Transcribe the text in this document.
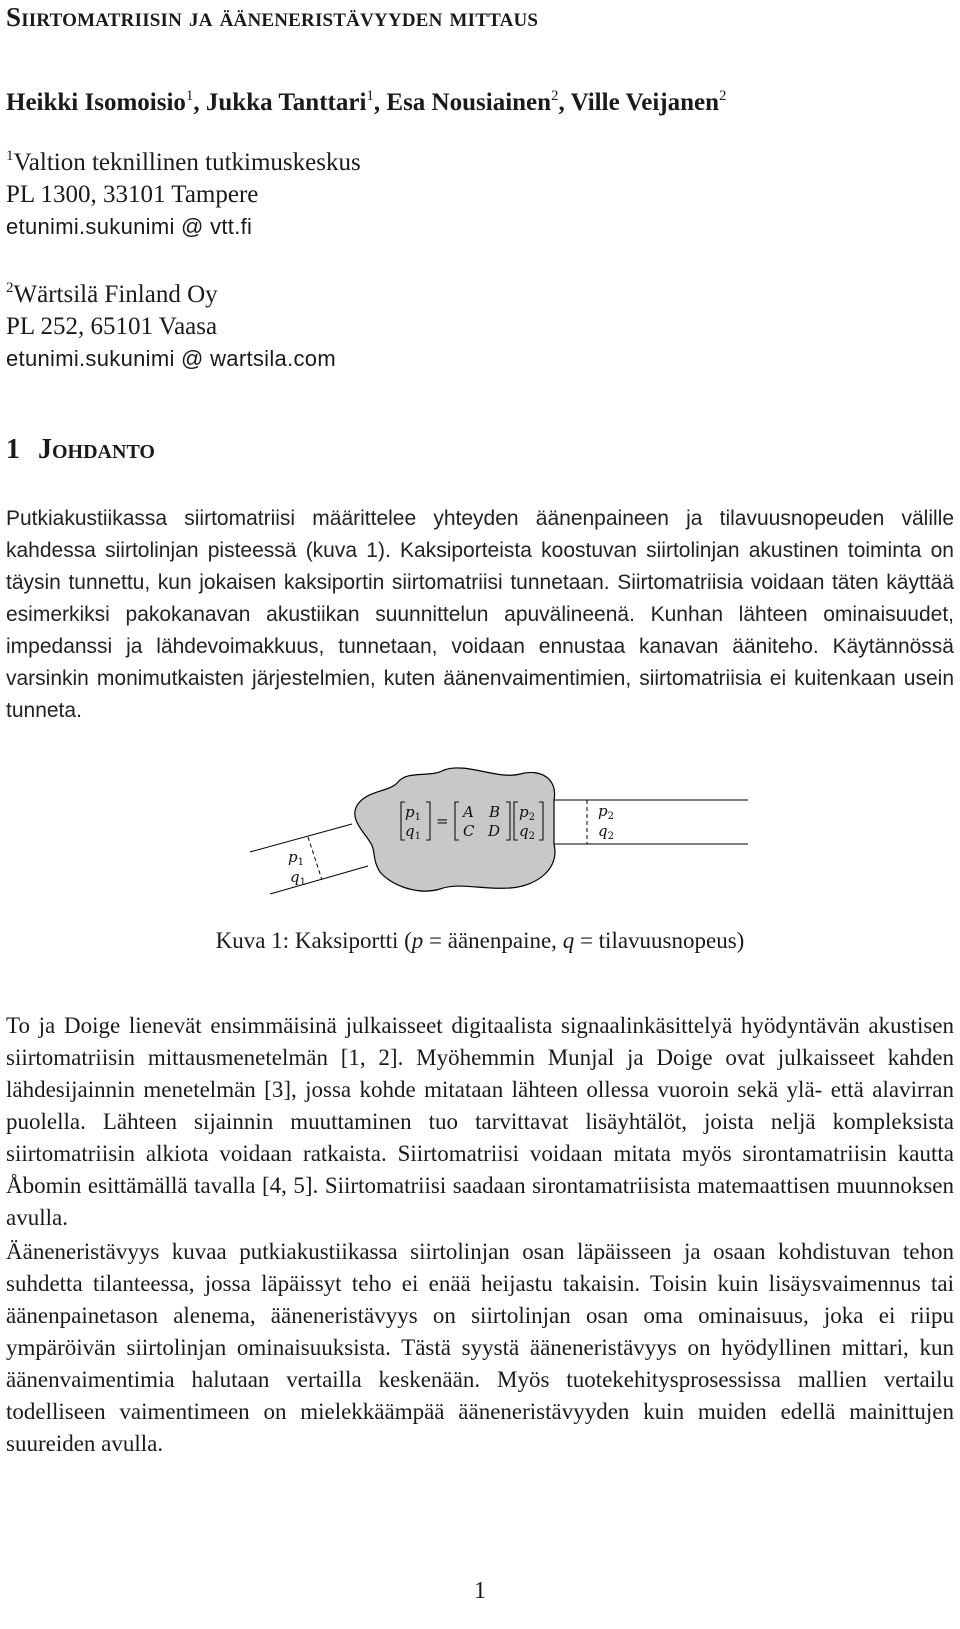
Siirtomatriisin ja ääneneristävyyden mittaus
Heikki Isomoisio$^1$, Jukka Tanttari$^1$, Esa Nousiainen$^2$, Ville Veijanen$^2$
$^1$Valtion teknillinen tutkimuskeskus
PL 1300, 33101 Tampere
etunimi.sukunimi @ vtt.fi
$^2$Wärtsilä Finland Oy
PL 252, 65101 Vaasa
etunimi.sukunimi @ wartsila.com
1 Johdanto

Putkiakustiikassa siirtomatriisi määrittelee yhteyden äänenpaineen ja tilavuusnopeuden välille kahdessa siirtolinjan pisteessä (kuva 1). Kaksiporteista koostuvan siirtolinjan akustinen toiminta on täysin tunnettu, kun jokaisen kaksiportin siirtomatriisi tunnetaan. Siirtomatriisia voidaan täten käyttää esimerkiksi pakokanavan akustiikan suunnittelun apuvälineenä. Kunhan lähteen ominaisuudet, impedanssi ja lähdevoimakkuus, tunnetaan, voidaan ennustaa kanavan ääniteho. Käytännössä varsinkin monimutkaisten järjestelmien, kuten äänenvaimentimien, siirtomatriisia ei kuitenkaan usein tunneta.

$p_1$
$q_1$
= A B
C D
$p_2$
$q_2$
$p_2$
$q_2$
$p_1$
$q_1$
Kuva 1: Kaksiportti (p = äänenpaine, q = tilavuusnopeus)

To ja Doige lienevät ensimmäisinä julkaisseet digitaalista signaalinkäsittelyä hyödyntävän akustisen siirtomatriisin mittausmenetelmän [1, 2]. Myöhemmin Munjal ja Doige ovat julkaisseet kahden lähdesijainnin menetelmän [3], jossa kohde mitataan lähteen ollessa vuoroin sekä ylä- että alavirran puolella. Lähteen sijainnin muuttaminen tuo tarvittavat lisäyhtälöt, joista neljä kompleksista siirtomatriisin alkiota voidaan ratkaista. Siirtomatriisi voidaan mitata myös sirontamatriisin kautta Åbomin esittämällä tavalla [4, 5]. Siirtomatriisi saadaan sirontamatriisista matemaattisen muunnoksen avulla.

Ääneneristävyys kuvaa putkiakustiikassa siirtolinjan osan läpäisseen ja osaan kohdistuvan tehon suhdetta tilanteessa, jossa läpäissyt teho ei enää heijastu takaisin. Toisin kuin lisäysvaimennus tai äänenpainetason alenema, ääneneristävyys on siirtolinjan osan oma ominaisuus, joka ei riipu ympäröivän siirtolinjan ominaisuuksista. Tästä syystä ääneneristävyys on hyödyllinen mittari, kun äänenvaimentimia halutaan vertailla keskenään. Myös tuotekehitysprosessissa mallien vertailu todelliseen vaimentimeen on mielekkäämpää ääneneristävyyden kuin muiden edellä mainittujen suureiden avulla.

1
